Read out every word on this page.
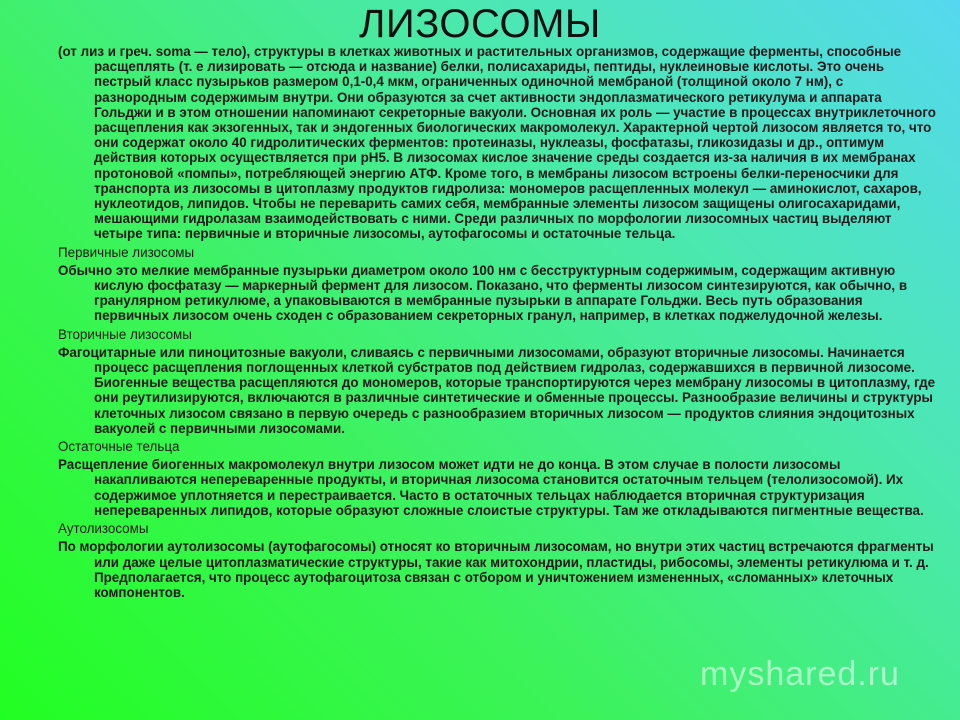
ЛИЗОСОМЫ

(от лиз и греч. soma — тело), структуры в клетках животных и растительных организмов, содержащие ферменты, способные расщеплять (т. е лизировать — отсюда и название) белки, полисахариды, пептиды, нуклеиновые кислоты. Это очень пестрый класс пузырьков размером 0,1-0,4 мкм, ограниченных одиночной мембраной (толщиной около 7 нм), с разнородным содержимым внутри. Они образуются за счет активности эндоплазматического ретикулума и аппарата Гольджи и в этом отношении напоминают секреторные вакуоли. Основная их роль — участие в процессах внутриклеточного расщепления как экзогенных, так и эндогенных биологических макромолекул. Характерной чертой лизосом является то, что они содержат около 40 гидролитических ферментов: протеиназы, нуклеазы, фосфатазы, гликозидазы и др., оптимум действия которых осуществляется при pH5. В лизосомах кислое значение среды создается из-за наличия в их мембранах протоновой «помпы», потребляющей энергию АТФ. Кроме того, в мембраны лизосом встроены белки-переносчики для транспорта из лизосомы в цитоплазму продуктов гидролиза: мономеров расщепленных молекул — аминокислот, сахаров, нуклеотидов, липидов. Чтобы не переварить самих себя, мембранные элементы лизосом защищены олигосахаридами, мешающими гидролазам взаимодействовать с ними. Среди различных по морфологии лизосомных частиц выделяют четыре типа: первичные и вторичные лизосомы, аутофагосомы и остаточные тельца.

Первичные лизосомы

Обычно это мелкие мембранные пузырьки диаметром около 100 нм с бесструктурным содержимым, содержащим активную кислую фосфатазу — маркерный фермент для лизосом. Показано, что ферменты лизосом синтезируются, как обычно, в гранулярном ретикулюме, а упаковываются в мембранные пузырьки в аппарате Гольджи. Весь путь образования первичных лизосом очень сходен с образованием секреторных гранул, например, в клетках поджелудочной железы.

Вторичные лизосомы

Фагоцитарные или пиноцитозные вакуоли, сливаясь с первичными лизосомами, образуют вторичные лизосомы. Начинается процесс расщепления поглощенных клеткой субстратов под действием гидролаз, содержавшихся в первичной лизосоме. Биогенные вещества расщепляются до мономеров, которые транспортируются через мембрану лизосомы в цитоплазму, где они реутилизируются, включаются в различные синтетические и обменные процессы. Разнообразие величины и структуры клеточных лизосом связано в первую очередь с разнообразием вторичных лизосом — продуктов слияния эндоцитозных вакуолей с первичными лизосомами.

Остаточные тельца

Расщепление биогенных макромолекул внутри лизосом может идти не до конца. В этом случае в полости лизосомы накапливаются непереваренные продукты, и вторичная лизосома становится остаточным тельцем (телолизосомой). Их содержимое уплотняется и перестраивается. Часто в остаточных тельцах наблюдается вторичная структуризация непереваренных липидов, которые образуют сложные слоистые структуры. Там же откладываются пигментные вещества.

Аутолизосомы

По морфологии аутолизосомы (аутофагосомы) относят ко вторичным лизосомам, но внутри этих частиц встречаются фрагменты или даже целые цитоплазматические структуры, такие как митохондрии, пластиды, рибосомы, элементы ретикулюма и т. д. Предполагается, что процесс аутофагоцитоза связан с отбором и уничтожением измененных, «сломанных» клеточных компонентов.

myshared.ru
